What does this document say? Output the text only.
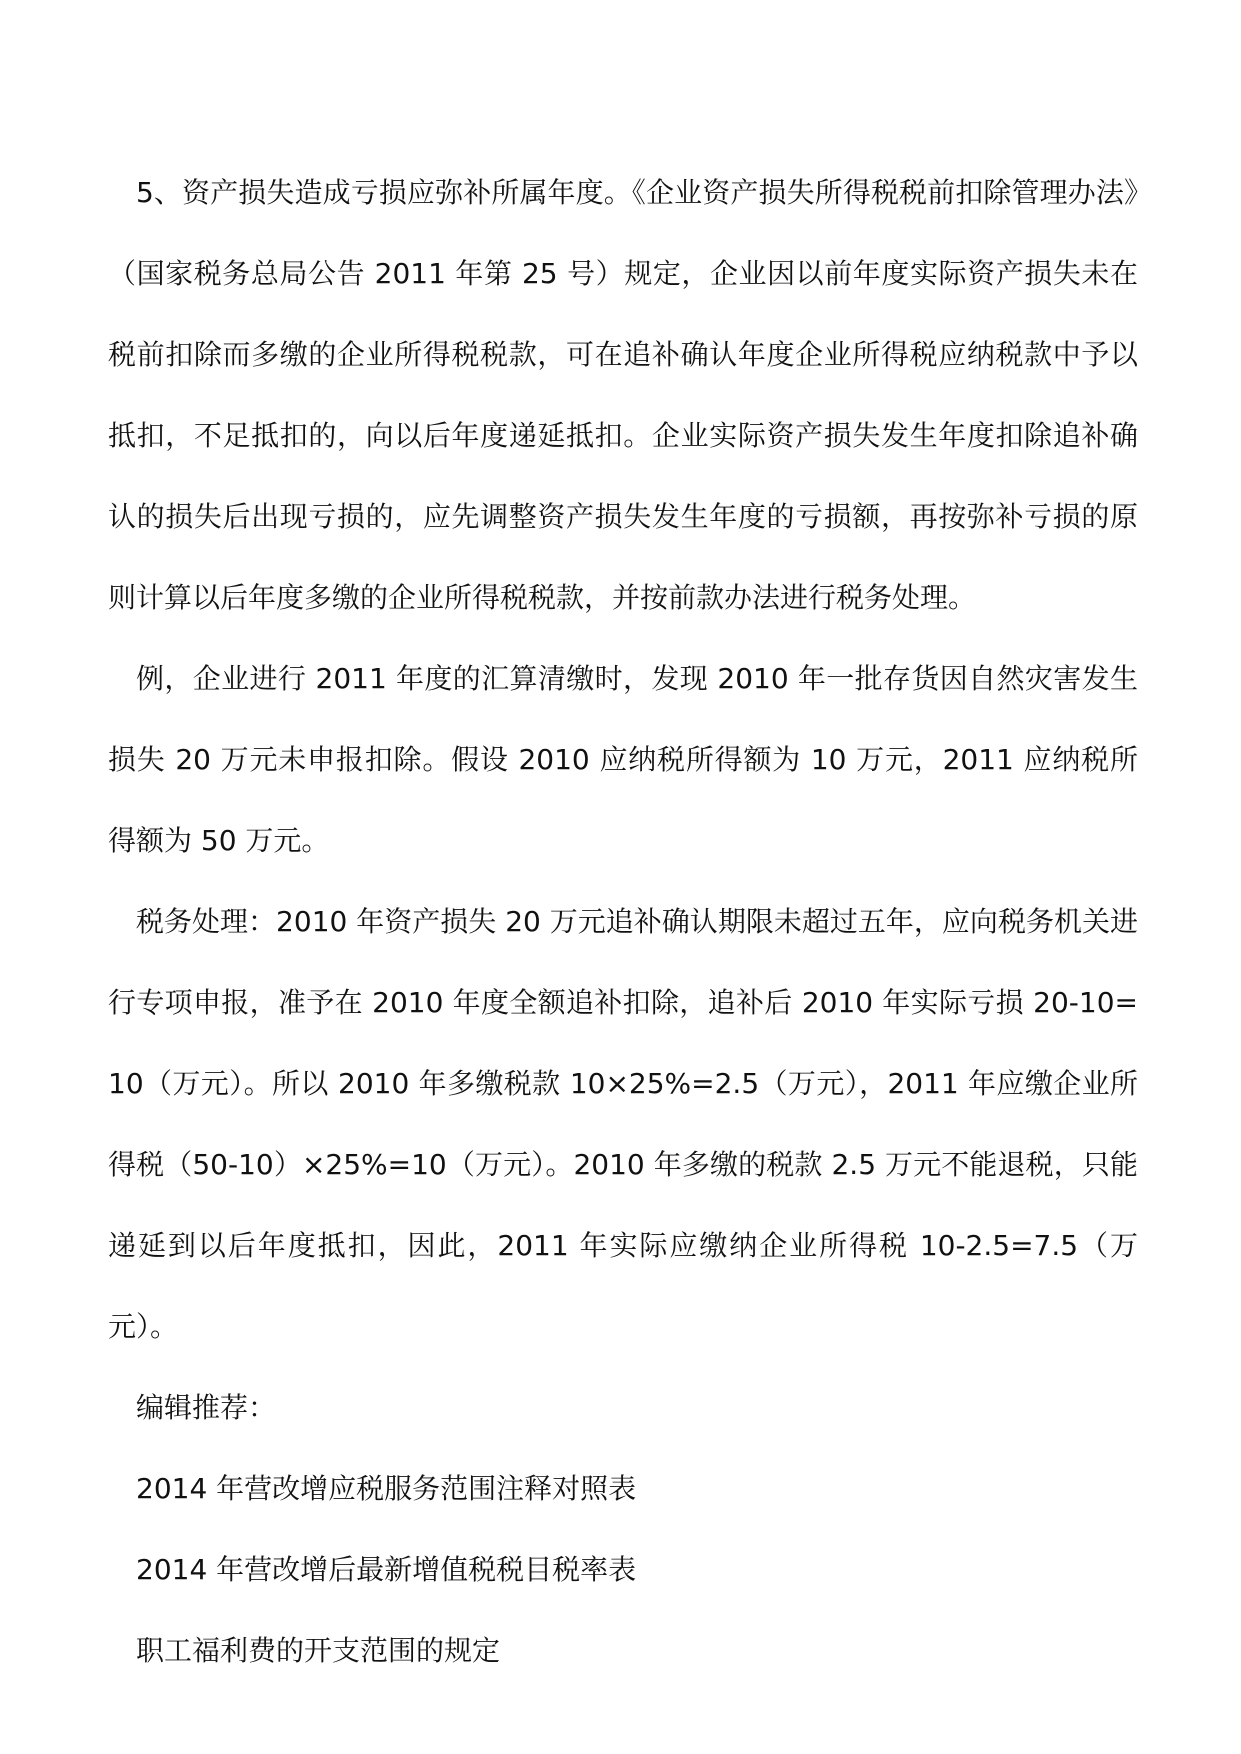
5、资产损失造成亏损应弥补所属年度。《企业资产损失所得税税前扣除管理办法》（国家税务总局公告 2011 年第 25 号）规定，企业因以前年度实际资产损失未在税前扣除而多缴的企业所得税税款，可在追补确认年度企业所得税应纳税款中予以抵扣，不足抵扣的，向以后年度递延抵扣。企业实际资产损失发生年度扣除追补确认的损失后出现亏损的，应先调整资产损失发生年度的亏损额，再按弥补亏损的原则计算以后年度多缴的企业所得税税款，并按前款办法进行税务处理。

例，企业进行 2011 年度的汇算清缴时，发现 2010 年一批存货因自然灾害发生损失 20 万元未申报扣除。假设 2010 应纳税所得额为 10 万元，2011 应纳税所得额为 50 万元。

税务处理：2010 年资产损失 20 万元追补确认期限未超过五年，应向税务机关进行专项申报，准予在 2010 年度全额追补扣除，追补后 2010 年实际亏损 20-10=10（万元）。所以 2010 年多缴税款 10×25%=2.5（万元），2011 年应缴企业所得税（50-10）×25%=10（万元）。2010 年多缴的税款 2.5 万元不能退税，只能递延到以后年度抵扣，因此，2011 年实际应缴纳企业所得税 10-2.5=7.5（万元）。

编辑推荐：

2014 年营改增应税服务范围注释对照表

2014 年营改增后最新增值税税目税率表

职工福利费的开支范围的规定
